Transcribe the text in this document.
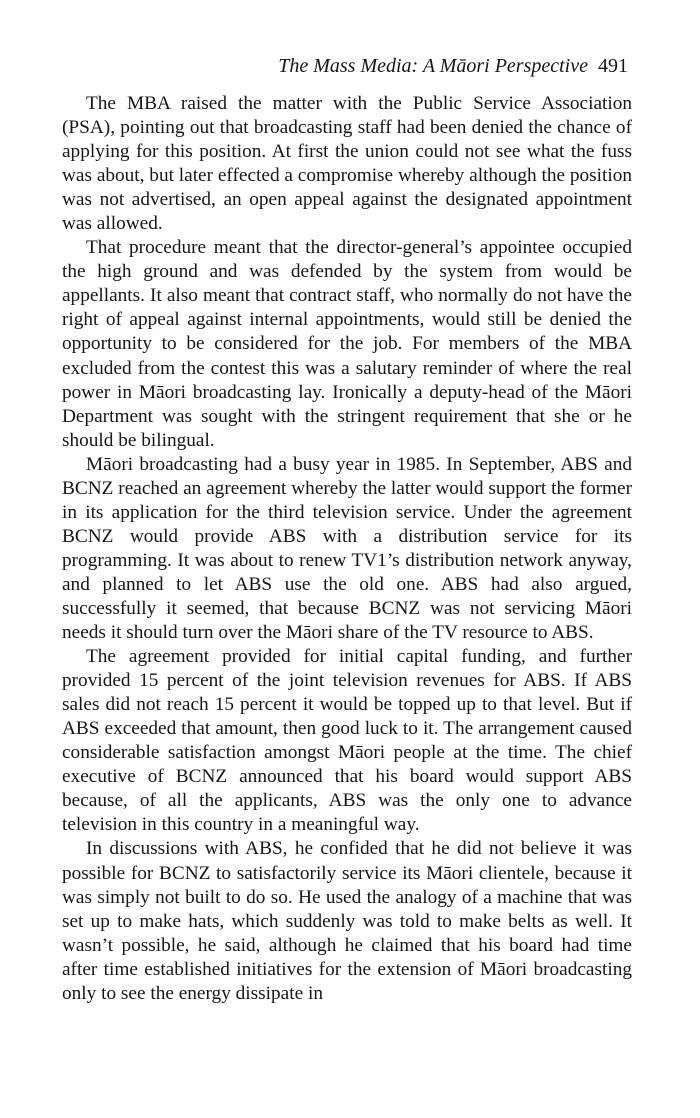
The Mass Media: A Māori Perspective 491

The MBA raised the matter with the Public Service Association (PSA), pointing out that broadcasting staff had been denied the chance of applying for this position. At first the union could not see what the fuss was about, but later effected a compromise whereby although the position was not advertised, an open appeal against the designated appointment was allowed.

That procedure meant that the director-general’s appointee occupied the high ground and was defended by the system from would be appellants. It also meant that contract staff, who normally do not have the right of appeal against internal appointments, would still be denied the opportunity to be considered for the job. For members of the MBA excluded from the contest this was a salutary reminder of where the real power in Māori broadcasting lay. Ironically a deputy-head of the Māori Department was sought with the stringent requirement that she or he should be bilingual.

Māori broadcasting had a busy year in 1985. In September, ABS and BCNZ reached an agreement whereby the latter would support the former in its application for the third television service. Under the agreement BCNZ would provide ABS with a distribution service for its programming. It was about to renew TV1’s distribution network anyway, and planned to let ABS use the old one. ABS had also argued, successfully it seemed, that because BCNZ was not servicing Māori needs it should turn over the Māori share of the TV resource to ABS.

The agreement provided for initial capital funding, and further provided 15 percent of the joint television revenues for ABS. If ABS sales did not reach 15 percent it would be topped up to that level. But if ABS exceeded that amount, then good luck to it. The arrangement caused considerable satisfaction amongst Māori people at the time. The chief executive of BCNZ announced that his board would support ABS because, of all the applicants, ABS was the only one to advance television in this country in a meaningful way.

In discussions with ABS, he confided that he did not believe it was possible for BCNZ to satisfactorily service its Māori clientele, because it was simply not built to do so. He used the analogy of a machine that was set up to make hats, which suddenly was told to make belts as well. It wasn’t possible, he said, although he claimed that his board had time after time established initiatives for the extension of Māori broadcasting only to see the energy dissipate in
